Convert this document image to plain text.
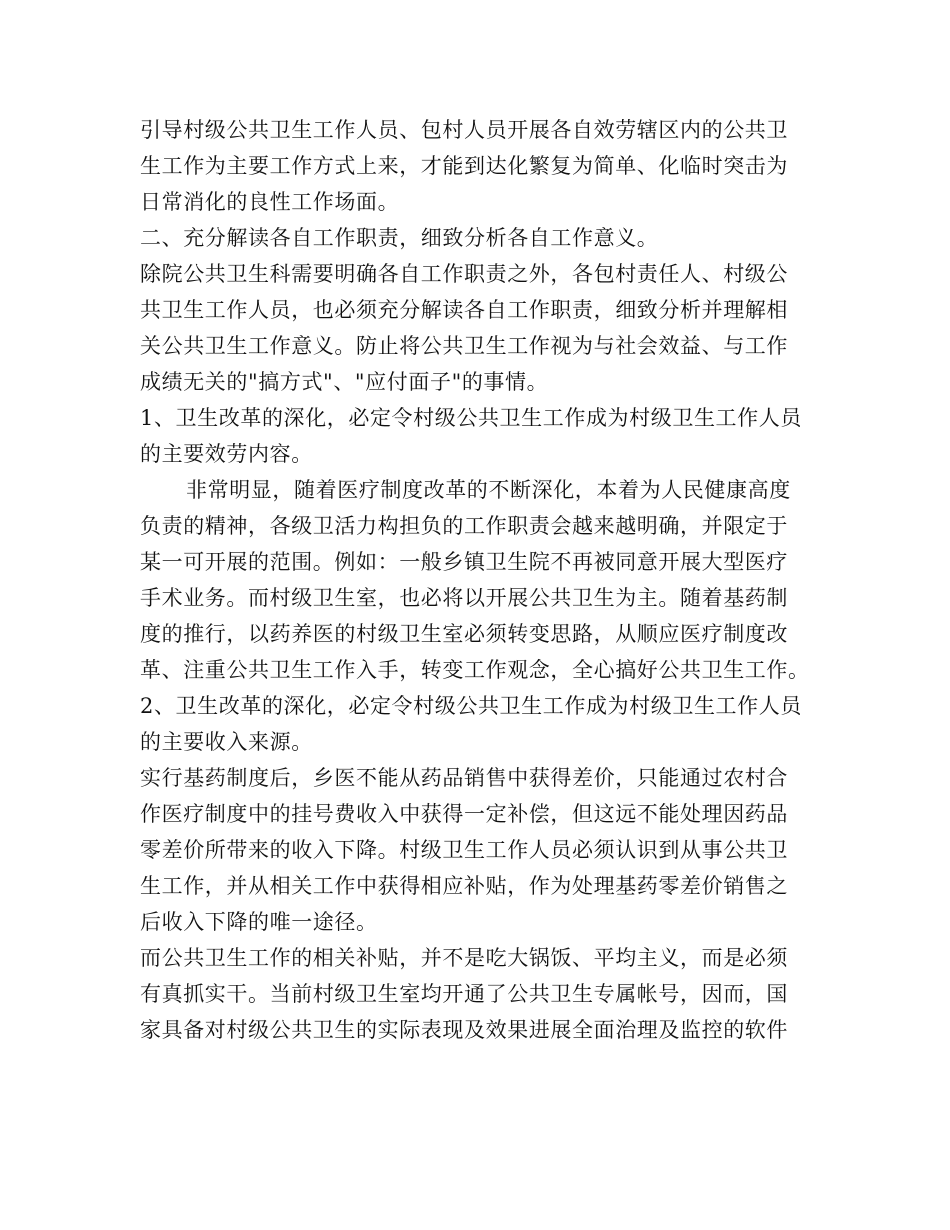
引导村级公共卫生工作人员、包村人员开展各自效劳辖区内的公共卫
生工作为主要工作方式上来，才能到达化繁复为简单、化临时突击为
日常消化的良性工作场面。
二、充分解读各自工作职责，细致分析各自工作意义。
除院公共卫生科需要明确各自工作职责之外，各包村责任人、村级公
共卫生工作人员，也必须充分解读各自工作职责，细致分析并理解相
关公共卫生工作意义。防止将公共卫生工作视为与社会效益、与工作
成绩无关的"搞方式"、"应付面子"的事情。
1、卫生改革的深化，必定令村级公共卫生工作成为村级卫生工作人员
的主要效劳内容。
非常明显，随着医疗制度改革的不断深化，本着为人民健康高度
负责的精神，各级卫活力构担负的工作职责会越来越明确，并限定于
某一可开展的范围。例如：一般乡镇卫生院不再被同意开展大型医疗
手术业务。而村级卫生室，也必将以开展公共卫生为主。随着基药制
度的推行，以药养医的村级卫生室必须转变思路，从顺应医疗制度改
革、注重公共卫生工作入手，转变工作观念，全心搞好公共卫生工作。
2、卫生改革的深化，必定令村级公共卫生工作成为村级卫生工作人员
的主要收入来源。
实行基药制度后，乡医不能从药品销售中获得差价，只能通过农村合
作医疗制度中的挂号费收入中获得一定补偿，但这远不能处理因药品
零差价所带来的收入下降。村级卫生工作人员必须认识到从事公共卫
生工作，并从相关工作中获得相应补贴，作为处理基药零差价销售之
后收入下降的唯一途径。
而公共卫生工作的相关补贴，并不是吃大锅饭、平均主义，而是必须
有真抓实干。当前村级卫生室均开通了公共卫生专属帐号，因而，国
家具备对村级公共卫生的实际表现及效果进展全面治理及监控的软件
